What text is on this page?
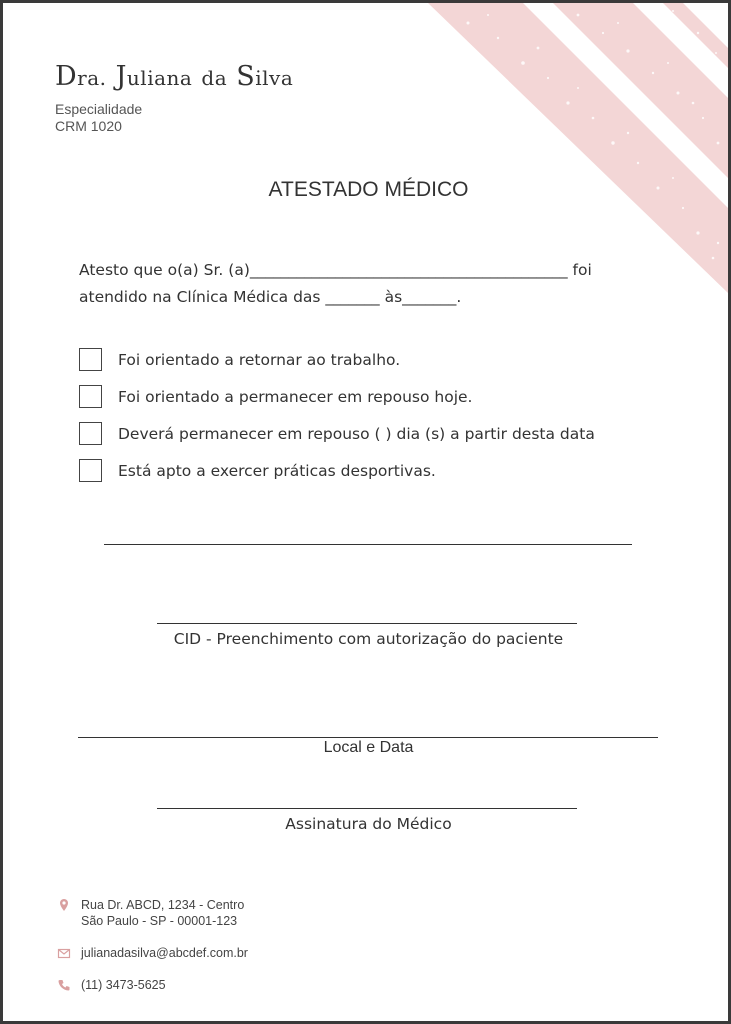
Dra. Juliana da Silva
Especialidade
CRM 1020
ATESTADO MÉDICO
Atesto que o(a) Sr. (a)_________________________________________ foi
atendido na Clínica Médica das _______ às_______.
Foi orientado a retornar ao trabalho.
Foi orientado a permanecer em repouso hoje.
Deverá permanecer em repouso ( ) dia (s) a partir desta data
Está apto a exercer práticas desportivas.
CID - Preenchimento com autorização do paciente
Local e Data
Assinatura do Médico
Rua Dr. ABCD, 1234 - Centro
São Paulo - SP - 00001-123
julianadasilva@abcdef.com.br
(11) 3473-5625
